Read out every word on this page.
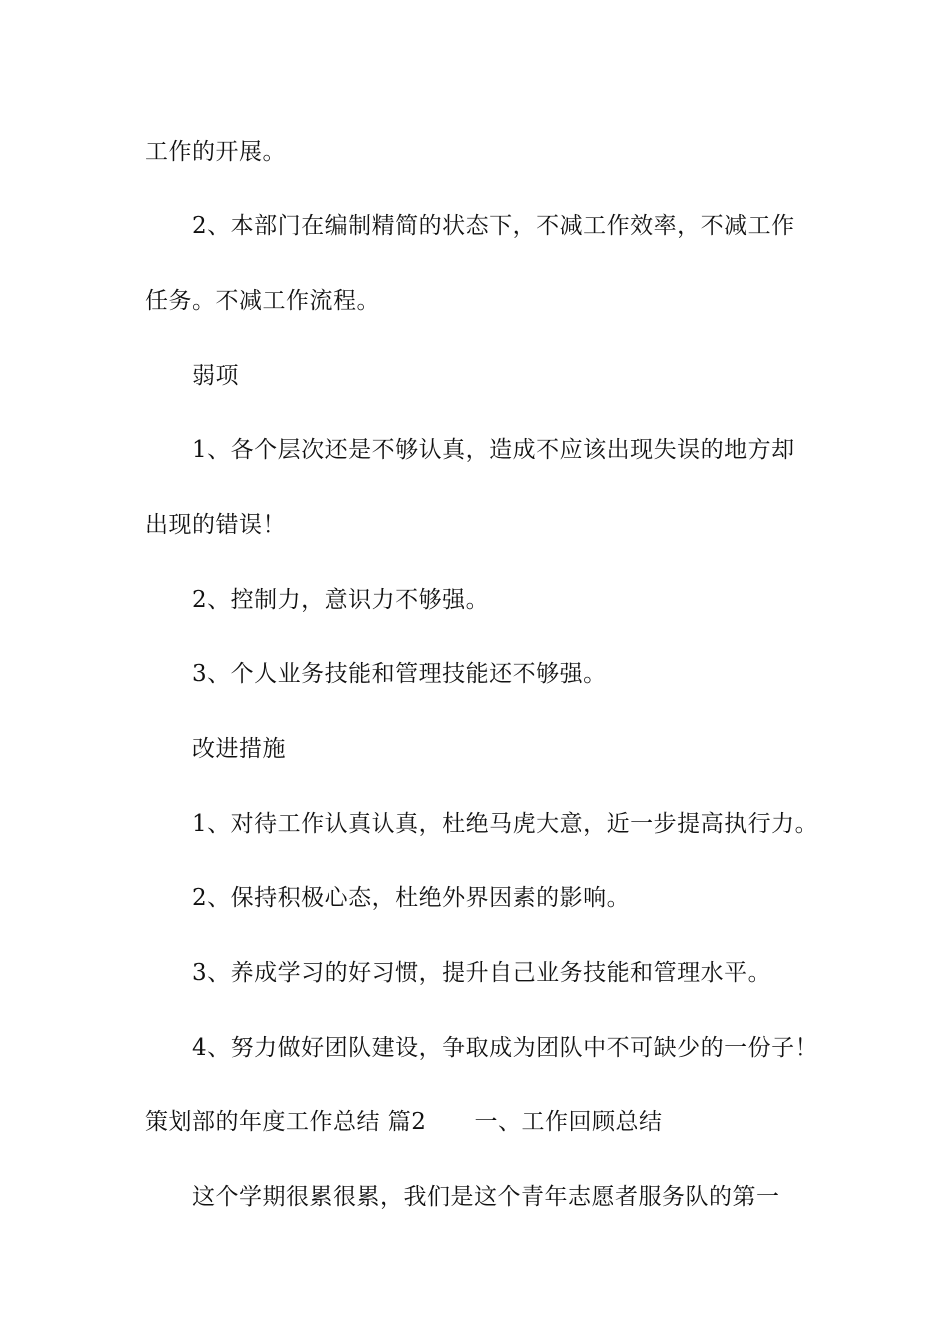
工作的开展。
2、本部门在编制精简的状态下，不减工作效率，不减工作
任务。不减工作流程。
弱项
1、各个层次还是不够认真，造成不应该出现失误的地方却
出现的错误！
2、控制力，意识力不够强。
3、个人业务技能和管理技能还不够强。
改进措施
1、对待工作认真认真，杜绝马虎大意，近一步提高执行力。
2、保持积极心态，杜绝外界因素的影响。
3、养成学习的好习惯，提升自己业务技能和管理水平。
4、努力做好团队建设，争取成为团队中不可缺少的一份子！
策划部的年度工作总结 篇2 一、工作回顾总结
这个学期很累很累，我们是这个青年志愿者服务队的第一
